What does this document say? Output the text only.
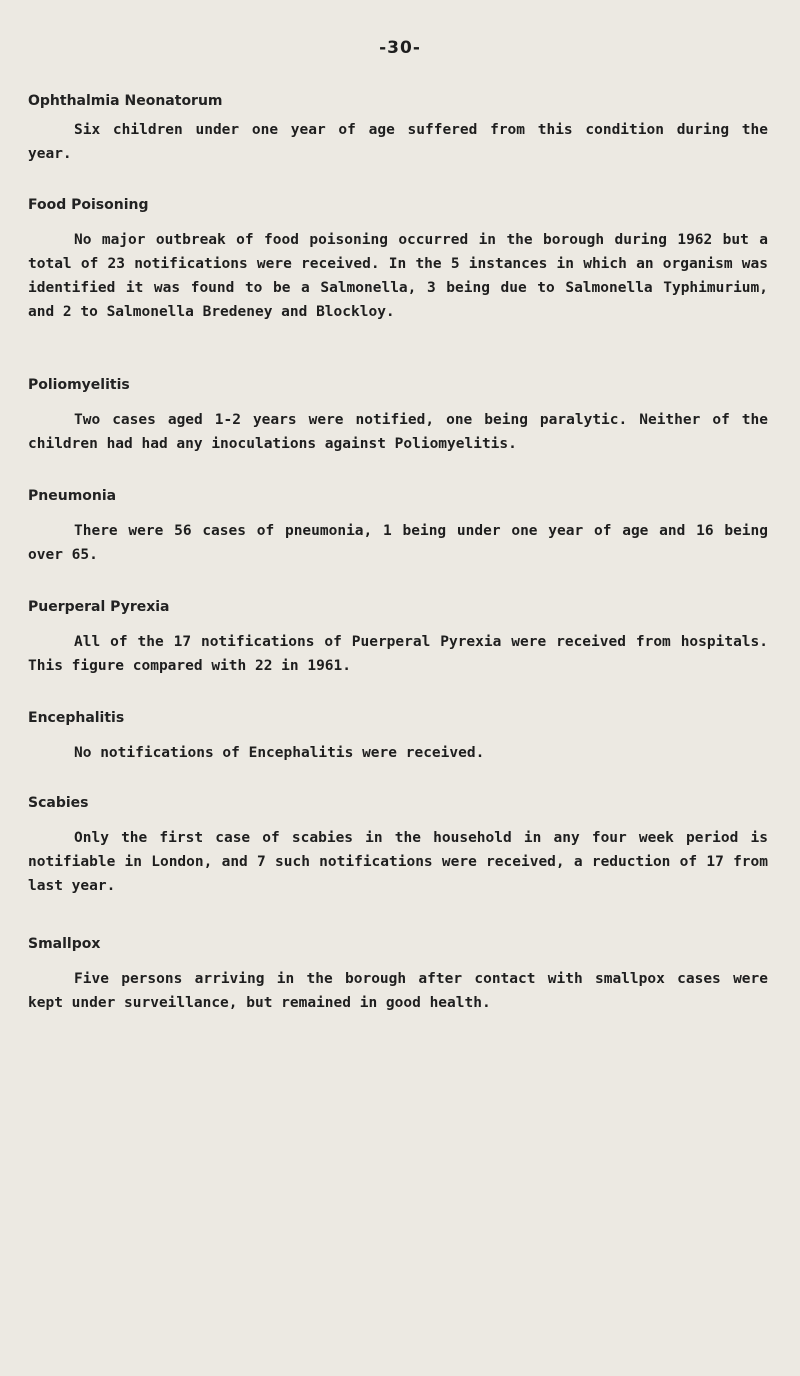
-30-

Ophthalmia Neonatorum

Six children under one year of age suffered from this condition during the year.

Food Poisoning

No major outbreak of food poisoning occurred in the borough during 1962 but a total of 23 notifications were received. In the 5 instances in which an organism was identified it was found to be a Salmonella, 3 being due to Salmonella Typhimurium, and 2 to Salmonella Bredeney and Blockloy.

Poliomyelitis

Two cases aged 1-2 years were notified, one being paralytic. Neither of the children had had any inoculations against Poliomyelitis.

Pneumonia

There were 56 cases of pneumonia, 1 being under one year of age and 16 being over 65.

Puerperal Pyrexia

All of the 17 notifications of Puerperal Pyrexia were received from hospitals. This figure compared with 22 in 1961.

Encephalitis

No notifications of Encephalitis were received.

Scabies

Only the first case of scabies in the household in any four week period is notifiable in London, and 7 such notifications were received, a reduction of 17 from last year.

Smallpox

Five persons arriving in the borough after contact with smallpox cases were kept under surveillance, but remained in good health.
